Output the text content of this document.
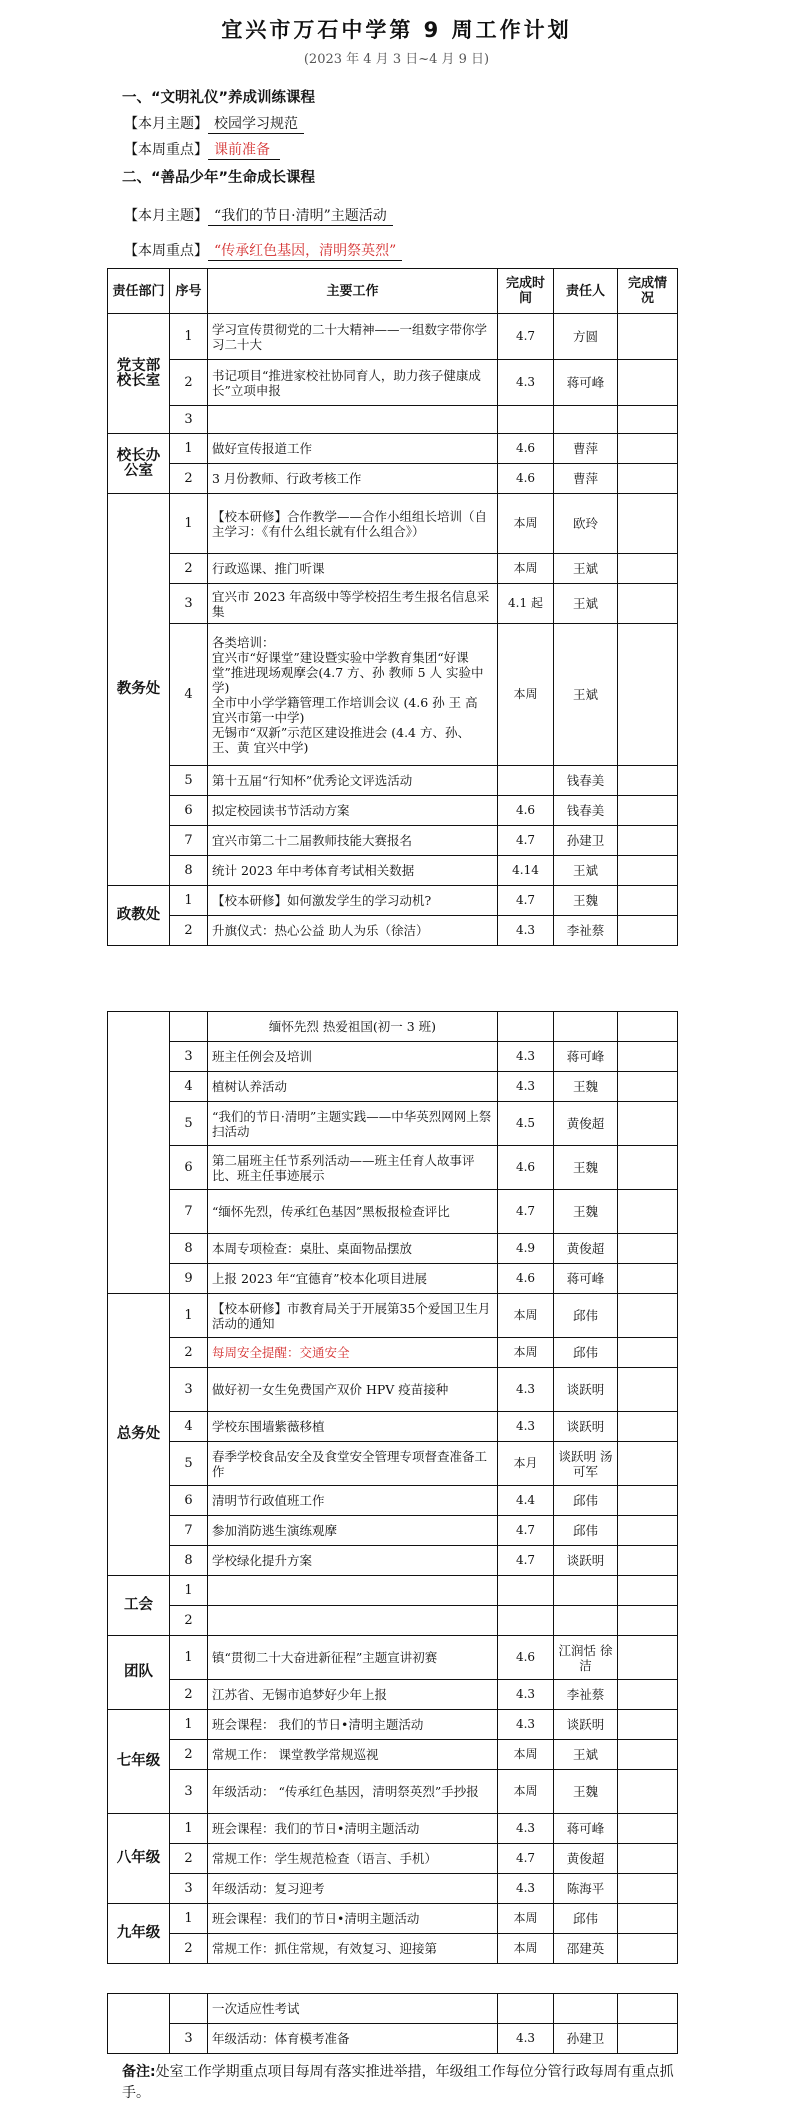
宜兴市万石中学第 9 周工作计划
(2023 年 4 月 3 日~4 月 9 日)
一、“文明礼仪”养成训练课程
【本月主题】 校园学习规范
【本周重点】 课前准备
二、“善品少年”生命成长课程
【本月主题】 “我们的节日·清明”主题活动
【本周重点】 “传承红色基因，清明祭英烈”
责任部门	序号	主要工作	完成时间	责任人	完成情况
党支部校长室	1	学习宣传贯彻党的二十大精神——一组数字带你学习二十大	4.7	方圆	
	2	书记项目“推进家校社协同育人，助力孩子健康成长”立项申报	4.3	蒋可峰	
	3				
校长办公室	1	做好宣传报道工作	4.6	曹萍	
	2	3 月份教师、行政考核工作	4.6	曹萍	
教务处	1	【校本研修】合作教学——合作小组组长培训（自主学习：《有什么组长就有什么组合》）	本周	欧玲	
	2	行政巡课、推门听课	本周	王斌	
	3	宜兴市 2023 年高级中等学校招生考生报名信息采集	4.1 起	王斌	
	4	各类培训：
宜兴市“好课堂”建设暨实验中学教育集团“好课堂”推进现场观摩会(4.7 方、孙 教师 5 人 实验中学)
全市中小学学籍管理工作培训会议 (4.6 孙 王 高 宜兴市第一中学)
无锡市“双新”示范区建设推进会 (4.4 方、孙、王、黄 宜兴中学)	本周	王斌	
	5	第十五届“行知杯”优秀论文评选活动		钱春美	
	6	拟定校园读书节活动方案	4.6	钱春美	
	7	宜兴市第二十二届教师技能大赛报名	4.7	孙建卫	
	8	统计 2023 年中考体育考试相关数据	4.14	王斌	
政教处	1	【校本研修】如何激发学生的学习动机?	4.7	王魏	
	2	升旗仪式：热心公益 助人为乐（徐洁）	4.3	李祉蔡	
		缅怀先烈 热爱祖国(初一 3 班)			
	3	班主任例会及培训	4.3	蒋可峰	
	4	植树认养活动	4.3	王魏	
	5	“我们的节日·清明”主题实践——中华英烈网网上祭扫活动	4.5	黄俊超	
	6	第二届班主任节系列活动——班主任育人故事评比、班主任事迹展示	4.6	王魏	
	7	“缅怀先烈，传承红色基因”黑板报检查评比	4.7	王魏	
	8	本周专项检查：桌肚、桌面物品摆放	4.9	黄俊超	
	9	上报 2023 年“宜德育”校本化项目进展	4.6	蒋可峰	
总务处	1	【校本研修】市教育局关于开展第35个爱国卫生月活动的通知	本周	邱伟	
	2	每周安全提醒：交通安全	本周	邱伟	
	3	做好初一女生免费国产双价 HPV 疫苗接种	4.3	谈跃明	
	4	学校东围墙紫薇移植	4.3	谈跃明	
	5	春季学校食品安全及食堂安全管理专项督查准备工作	本月	谈跃明 汤可军	
	6	清明节行政值班工作	4.4	邱伟	
	7	参加消防逃生演练观摩	4.7	邱伟	
	8	学校绿化提升方案	4.7	谈跃明	
工会	1				
	2				
团队	1	镇“贯彻二十大奋进新征程”主题宣讲初赛	4.6	江润恬 徐洁	
	2	江苏省、无锡市追梦好少年上报	4.3	李祉蔡	
七年级	1	班会课程： 我们的节日•清明主题活动	4.3	谈跃明	
	2	常规工作： 课堂教学常规巡视	本周	王斌	
	3	年级活动： “传承红色基因，清明祭英烈”手抄报	本周	王魏	
八年级	1	班会课程：我们的节日•清明主题活动	4.3	蒋可峰	
	2	常规工作：学生规范检查（语言、手机）	4.7	黄俊超	
	3	年级活动：复习迎考	4.3	陈海平	
九年级	1	班会课程：我们的节日•清明主题活动	本周	邱伟	
	2	常规工作：抓住常规，有效复习、迎接第	本周	邵建英	
		一次适应性考试			
	3	年级活动：体育模考准备	4.3	孙建卫	
备注:处室工作学期重点项目每周有落实推进举措，年级组工作每位分管行政每周有重点抓手。
